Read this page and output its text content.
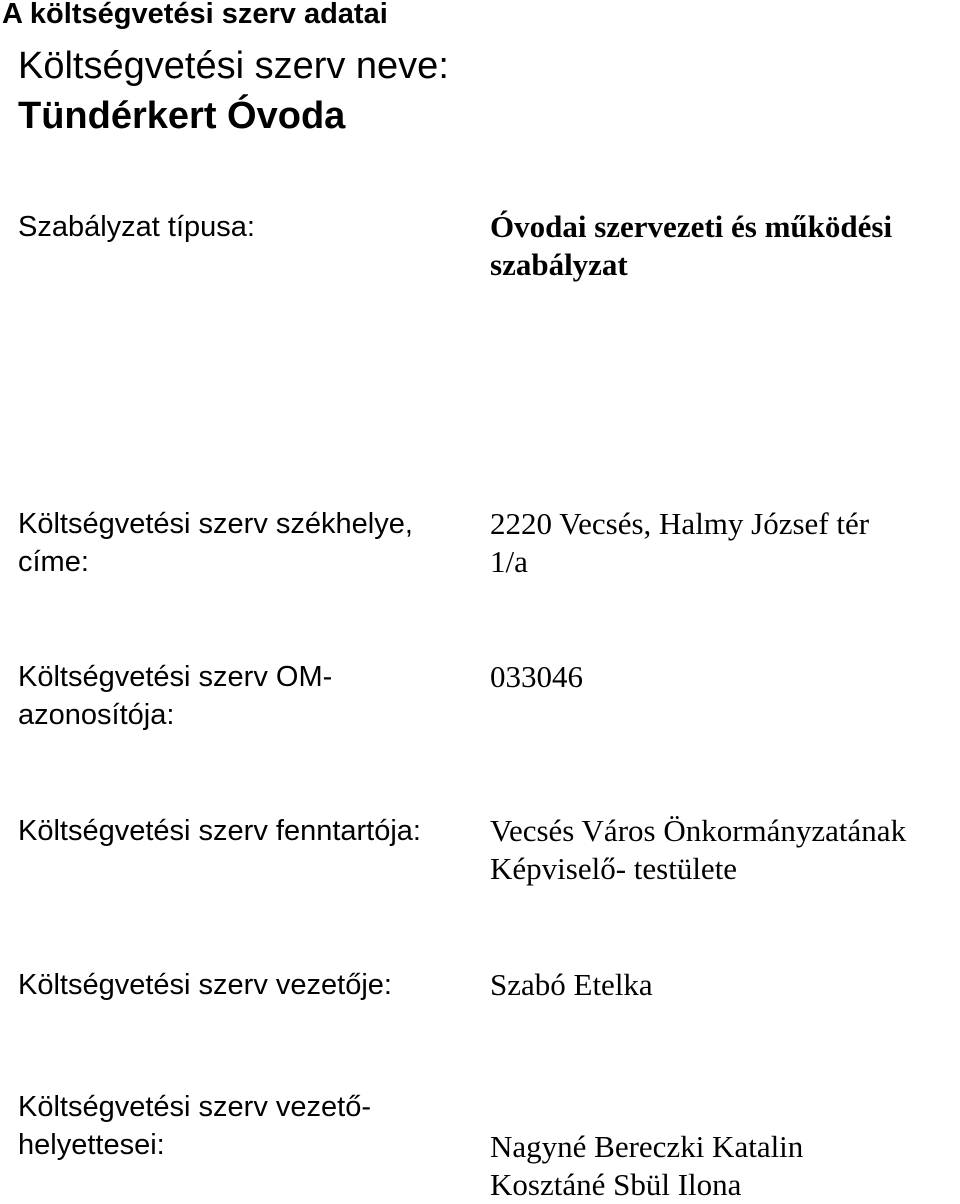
A költségvetési szerv adatai
Költségvetési szerv neve:
Tündérkert Óvoda
Szabályzat típusa:	Óvodai szervezeti és működési
szabályzat
Költségvetési szerv székhelye,
címe:
2220 Vecsés, Halmy József tér
1/a
Költségvetési szerv OM-
azonosítója:
033046
Költségvetési szerv fenntartója:	Vecsés Város Önkormányzatának
Képviselő- testülete
Költségvetési szerv vezetője:	Szabó Etelka
Költségvetési szerv vezető-
helyettesei:	Nagyné Bereczki Katalin
Kosztáné Sbül Ilona
